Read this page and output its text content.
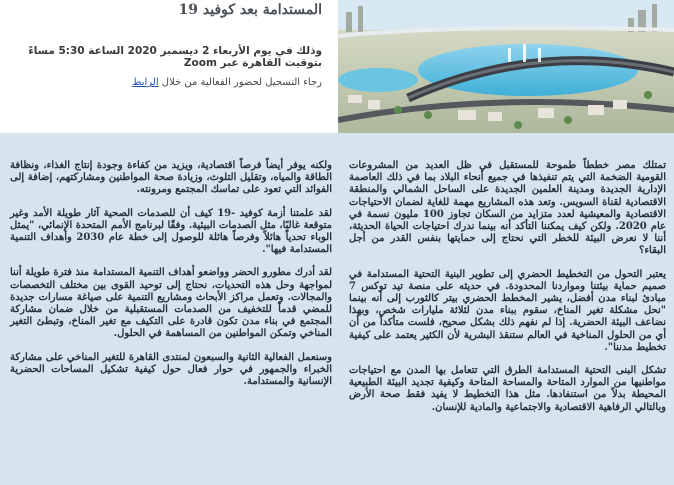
المستدامة بعد كوفيد 19

وذلك في يوم الأربعاء 2 ديسمبر 2020 الساعة 5:30 مساءً بتوقيت القاهرة عبر Zoom

رجاء التسجيل لحضور الفعالية من خلال الرابط

تمتلك مصر خططاً طموحة للمستقبل في ظل العديد من المشروعات القومية الضخمة التي يتم تنفيذها في جميع أنحاء البلاد بما في ذلك العاصمة الإدارية الجديدة ومدينة العلمين الجديدة على الساحل الشمالي والمنطقة الاقتصادية لقناة السويس. وتعد هذه المشاريع مهمة للغاية لضمان الاحتياجات الاقتصادية والمعيشية لعدد متزايد من السكان تجاوز 100 مليون نسمة في عام 2020. ولكن كيف يمكننا التأكد أنه بينما ندرك احتياجات الحياة الحديثة، أننا لا نعرض البيئة للخطر التي نحتاج إلى حمايتها بنفس القدر من أجل البقاء؟

يعتبر التحول من التخطيط الحضري إلى تطوير البنية التحتية المستدامة في صميم حماية بيئتنا ومواردنا المحدودة. في حديثه على منصة تيد توكس 7 مبادئ لبناء مدن أفضل، يشير المخطط الحضري بيتر كالثورب إلى أنه بينما "نحل مشكلة تغير المناخ، سقوم ببناء مدن لثلاثة مليارات شخص، وبهذا نضاعف البيئة الحضرية. إذا لم نفهم ذلك بشكل صحيح، فلست متأكداً من أن أي من الحلول المناخية في العالم ستنقذ البشرية لأن الكثير يعتمد على كيفية تخطيط مدننا".

تشكل البنى التحتية المستدامة الطرق التي تتعامل بها المدن مع احتياجات مواطنيها من الموارد المتاحة والمساحة المتاحة وكيفية تجديد البيئة الطبيعية المحيطة بدلاً من استنفادها. مثل هذا التخطيط لا يفيد فقط صحة الأرض وبالتالي الرفاهية الاقتصادية والاجتماعية والمادية للإنسان.

ولكنه يوفر أيضاً فرصاً اقتصادية، ويزيد من كفاءة وجودة إنتاج الغذاء، ونظافة الطاقة والمياه، وتقليل التلوث، وزيادة صحة المواطنين ومشاركتهم، إضافة إلى الفوائد التي تعود على تماسك المجتمع ومرونته.

لقد علمتنا أزمة كوفيد -19 كيف أن للصدمات الصحية آثار طويلة الأمد وغير متوقعة غالبًا، مثل الصدمات البيئية. وفقًا لبرنامج الأمم المتحدة الإنمائي، "يمثل الوباء تحدياً هائلاً وفرصاً هائلة للوصول إلى خطة عام 2030 وأهداف التنمية المستدامة فيها".

لقد أدرك مطورو الحضر وواضعو أهداف التنمية المستدامة منذ فترة طويلة أننا لمواجهة وحل هذه التحديات، نحتاج إلى توحيد القوى بين مختلف التخصصات والمجالات. وتعمل مراكز الأبحاث ومشاريع التنمية على صياغة مسارات جديدة للمضي قدماً للتخفيف من الصدمات المستقبلية من خلال ضمان مشاركة المجتمع في بناء مدن تكون قادرة على التكيف مع تغير المناخ، وتبطئ التغير المناخي وتمكن المواطنين من المساهمة في الحلول.

وسنعمل الفعالية الثانية والسبعون لمنتدى القاهرة للتغير المناخي على مشاركة الخبراء والجمهور في حوار فعال حول كيفية تشكيل المساحات الحضرية الإنسانية والمستدامة.
